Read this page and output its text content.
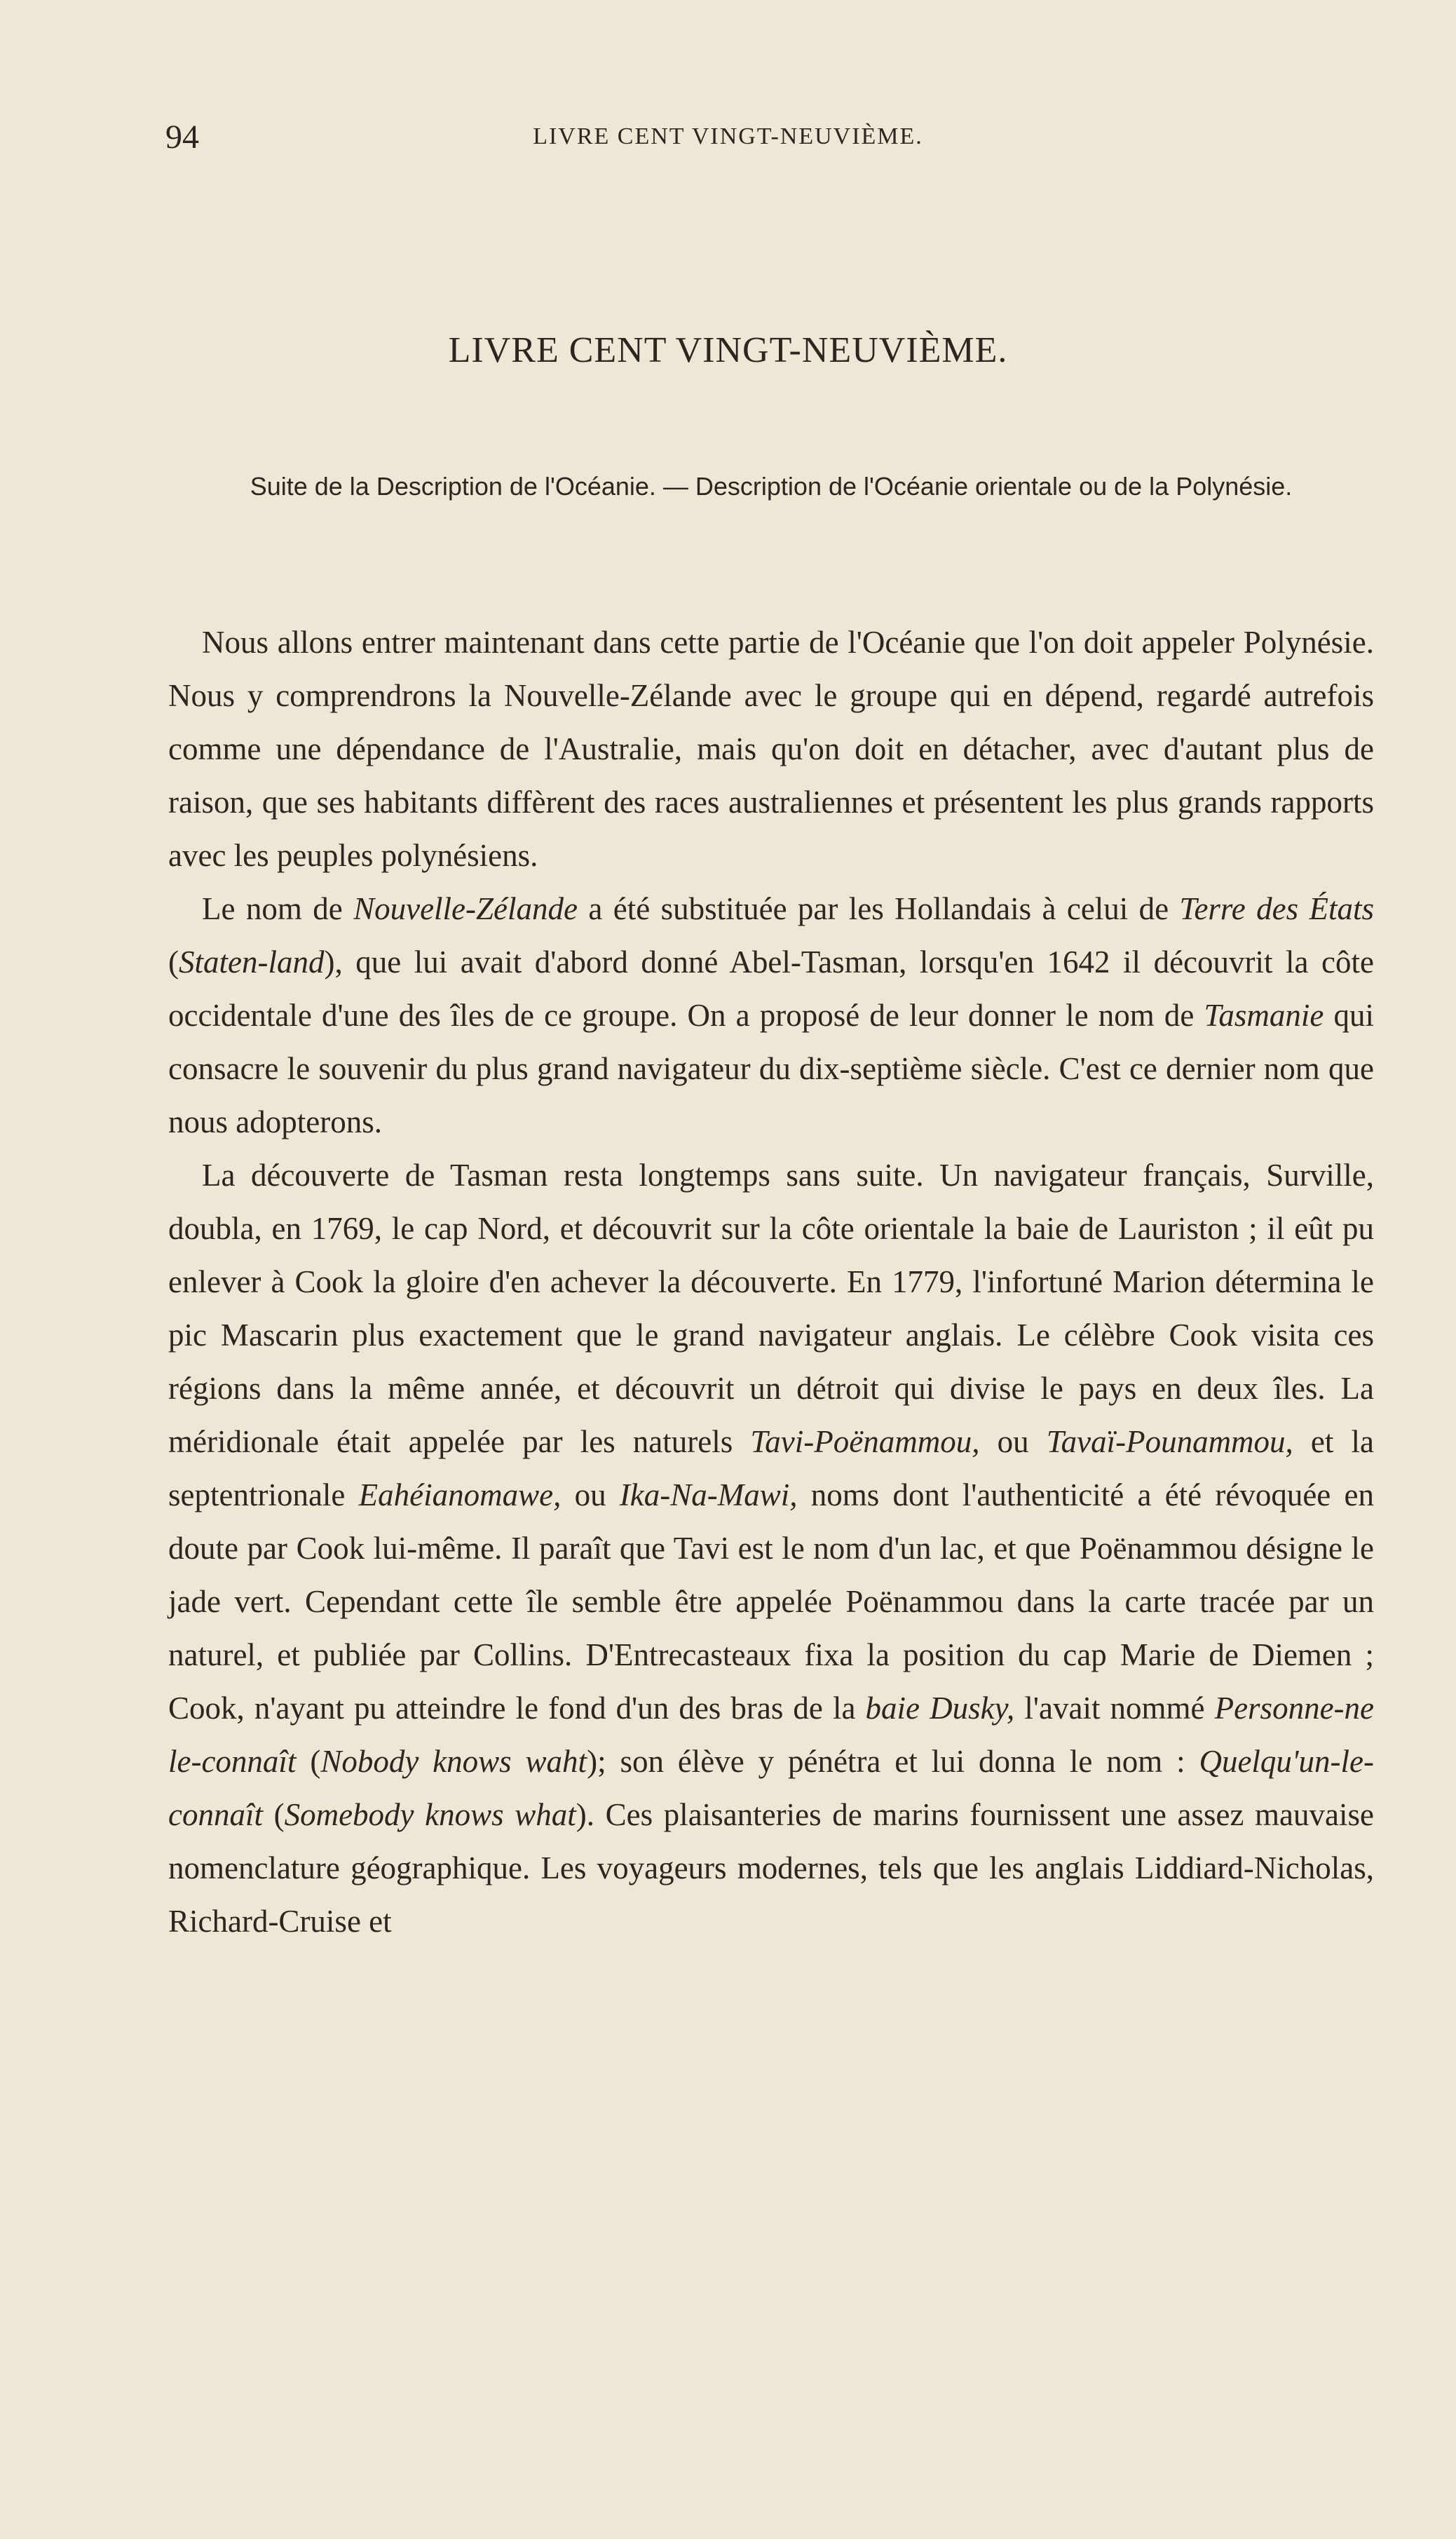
94	LIVRE CENT VINGT-NEUVIÈME.
LIVRE CENT VINGT-NEUVIÈME.
Suite de la Description de l'Océanie. — Description de l'Océanie orientale ou de la Polynésie.

Nous allons entrer maintenant dans cette partie de l'Océanie que l'on doit appeler Polynésie. Nous y comprendrons la Nouvelle-Zélande avec le groupe qui en dépend, regardé autrefois comme une dépendance de l'Australie, mais qu'on doit en détacher, avec d'autant plus de raison, que ses habitants diffèrent des races australiennes et présentent les plus grands rapports avec les peuples polynésiens.

Le nom de Nouvelle-Zélande a été substituée par les Hollandais à celui de Terre des États (Staten-land), que lui avait d'abord donné Abel-Tasman, lorsqu'en 1642 il découvrit la côte occidentale d'une des îles de ce groupe. On a proposé de leur donner le nom de Tasmanie qui consacre le souvenir du plus grand navigateur du dix-septième siècle. C'est ce dernier nom que nous adopterons.

La découverte de Tasman resta longtemps sans suite. Un navigateur français, Surville, doubla, en 1769, le cap Nord, et découvrit sur la côte orientale la baie de Lauriston ; il eût pu enlever à Cook la gloire d'en achever la découverte. En 1779, l'infortuné Marion détermina le pic Mascarin plus exactement que le grand navigateur anglais. Le célèbre Cook visita ces régions dans la même année, et découvrit un détroit qui divise le pays en deux îles. La méridionale était appelée par les naturels Tavi-Poënammou, ou Tavaï-Pounammou, et la septentrionale Eahéianomawe, ou Ika-Na-Mawi, noms dont l'authenticité a été révoquée en doute par Cook lui-même. Il paraît que Tavi est le nom d'un lac, et que Poënammou désigne le jade vert. Cependant cette île semble être appelée Poënammou dans la carte tracée par un naturel, et publiée par Collins. D'Entrecasteaux fixa la position du cap Marie de Diemen ; Cook, n'ayant pu atteindre le fond d'un des bras de la baie Dusky, l'avait nommé Personne-ne le-connaît (Nobody knows waht); son élève y pénétra et lui donna le nom : Quelqu'un-le-connaît (Somebody knows what). Ces plaisanteries de marins fournissent une assez mauvaise nomenclature géographique. Les voyageurs modernes, tels que les anglais Liddiard-Nicholas, Richard-Cruise et
